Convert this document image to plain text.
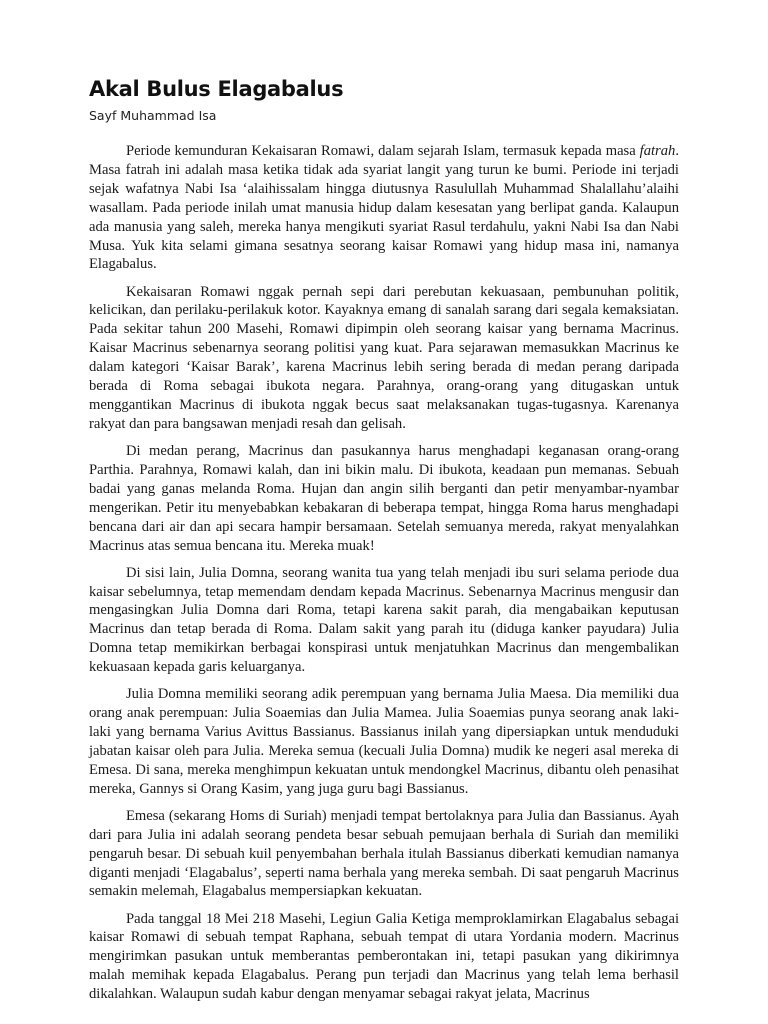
Akal Bulus Elagabalus
Sayf Muhammad Isa

Periode kemunduran Kekaisaran Romawi, dalam sejarah Islam, termasuk kepada masa fatrah. Masa fatrah ini adalah masa ketika tidak ada syariat langit yang turun ke bumi. Periode ini terjadi sejak wafatnya Nabi Isa ‘alaihissalam hingga diutusnya Rasulullah Muhammad Shalallahu’alaihi wasallam. Pada periode inilah umat manusia hidup dalam kesesatan yang berlipat ganda. Kalaupun ada manusia yang saleh, mereka hanya mengikuti syariat Rasul terdahulu, yakni Nabi Isa dan Nabi Musa. Yuk kita selami gimana sesatnya seorang kaisar Romawi yang hidup masa ini, namanya Elagabalus.

Kekaisaran Romawi nggak pernah sepi dari perebutan kekuasaan, pembunuhan politik, kelicikan, dan perilaku-perilakuk kotor. Kayaknya emang di sanalah sarang dari segala kemaksiatan. Pada sekitar tahun 200 Masehi, Romawi dipimpin oleh seorang kaisar yang bernama Macrinus. Kaisar Macrinus sebenarnya seorang politisi yang kuat. Para sejarawan memasukkan Macrinus ke dalam kategori ‘Kaisar Barak’, karena Macrinus lebih sering berada di medan perang daripada berada di Roma sebagai ibukota negara. Parahnya, orang-orang yang ditugaskan untuk menggantikan Macrinus di ibukota nggak becus saat melaksanakan tugas-tugasnya. Karenanya rakyat dan para bangsawan menjadi resah dan gelisah.

Di medan perang, Macrinus dan pasukannya harus menghadapi keganasan orang-orang Parthia. Parahnya, Romawi kalah, dan ini bikin malu. Di ibukota, keadaan pun memanas. Sebuah badai yang ganas melanda Roma. Hujan dan angin silih berganti dan petir menyambar-nyambar mengerikan. Petir itu menyebabkan kebakaran di beberapa tempat, hingga Roma harus menghadapi bencana dari air dan api secara hampir bersamaan. Setelah semuanya mereda, rakyat menyalahkan Macrinus atas semua bencana itu. Mereka muak!

Di sisi lain, Julia Domna, seorang wanita tua yang telah menjadi ibu suri selama periode dua kaisar sebelumnya, tetap memendam dendam kepada Macrinus. Sebenarnya Macrinus mengusir dan mengasingkan Julia Domna dari Roma, tetapi karena sakit parah, dia mengabaikan keputusan Macrinus dan tetap berada di Roma. Dalam sakit yang parah itu (diduga kanker payudara) Julia Domna tetap memikirkan berbagai konspirasi untuk menjatuhkan Macrinus dan mengembalikan kekuasaan kepada garis keluarganya.

Julia Domna memiliki seorang adik perempuan yang bernama Julia Maesa. Dia memiliki dua orang anak perempuan: Julia Soaemias dan Julia Mamea. Julia Soaemias punya seorang anak laki-laki yang bernama Varius Avittus Bassianus. Bassianus inilah yang dipersiapkan untuk menduduki jabatan kaisar oleh para Julia. Mereka semua (kecuali Julia Domna) mudik ke negeri asal mereka di Emesa. Di sana, mereka menghimpun kekuatan untuk mendongkel Macrinus, dibantu oleh penasihat mereka, Gannys si Orang Kasim, yang juga guru bagi Bassianus.

Emesa (sekarang Homs di Suriah) menjadi tempat bertolaknya para Julia dan Bassianus. Ayah dari para Julia ini adalah seorang pendeta besar sebuah pemujaan berhala di Suriah dan memiliki pengaruh besar. Di sebuah kuil penyembahan berhala itulah Bassianus diberkati kemudian namanya diganti menjadi ‘Elagabalus’, seperti nama berhala yang mereka sembah. Di saat pengaruh Macrinus semakin melemah, Elagabalus mempersiapkan kekuatan.

Pada tanggal 18 Mei 218 Masehi, Legiun Galia Ketiga memproklamirkan Elagabalus sebagai kaisar Romawi di sebuah tempat Raphana, sebuah tempat di utara Yordania modern. Macrinus mengirimkan pasukan untuk memberantas pemberontakan ini, tetapi pasukan yang dikirimnya malah memihak kepada Elagabalus. Perang pun terjadi dan Macrinus yang telah lema berhasil dikalahkan. Walaupun sudah kabur dengan menyamar sebagai rakyat jelata, Macrinus
